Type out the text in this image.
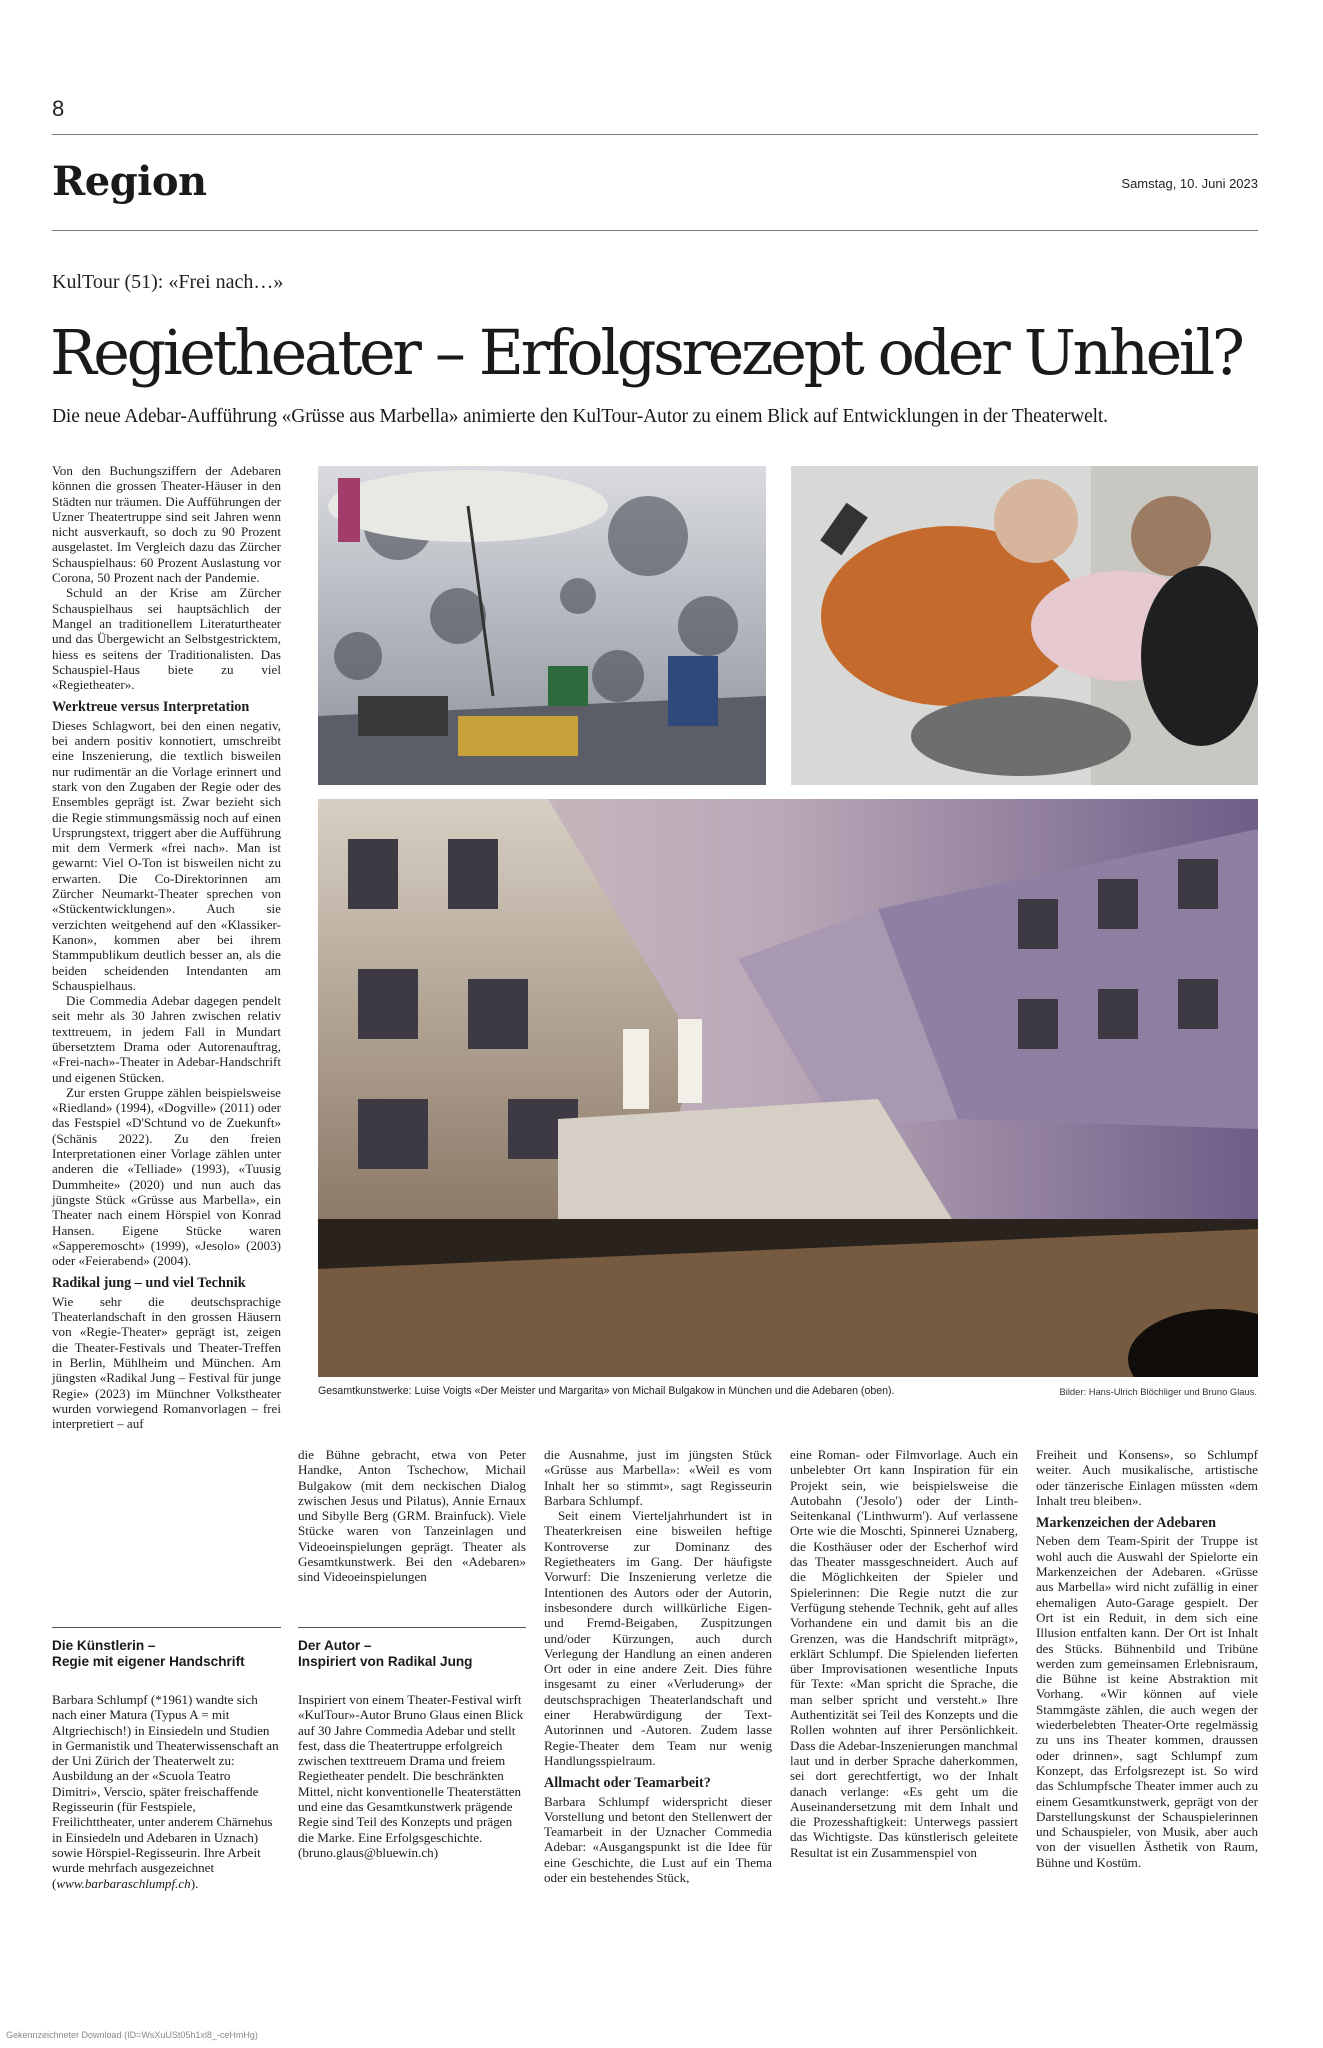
8
Region	Samstag, 10. Juni 2023
KulTour (51): «Frei nach…»
Regietheater – Erfolgsrezept oder Unheil?
Die neue Adebar-Aufführung «Grüsse aus Marbella» animierte den KulTour-Autor zu einem Blick auf Entwicklungen in der Theaterwelt.

Von den Buchungsziffern der Adebaren können die grossen Theater-Häuser in den Städten nur träumen. Die Aufführungen der Uzner Theatertruppe sind seit Jahren wenn nicht ausverkauft, so doch zu 90 Prozent ausgelastet. Im Vergleich dazu das Zürcher Schauspielhaus: 60 Prozent Auslastung vor Corona, 50 Prozent nach der Pandemie.

Schuld an der Krise am Zürcher Schauspielhaus sei hauptsächlich der Mangel an traditionellem Literaturtheater und das Übergewicht an Selbstgestricktem, hiess es seitens der Traditionalisten. Das Schauspiel-Haus biete zu viel «Regietheater».

Werktreue versus Interpretation

Dieses Schlagwort, bei den einen negativ, bei andern positiv konnotiert, umschreibt eine Inszenierung, die textlich bisweilen nur rudimentär an die Vorlage erinnert und stark von den Zugaben der Regie oder des Ensembles geprägt ist. Zwar bezieht sich die Regie stimmungsmässig noch auf einen Ursprungstext, triggert aber die Aufführung mit dem Vermerk «frei nach». Man ist gewarnt: Viel O-Ton ist bisweilen nicht zu erwarten. Die Co-Direktorinnen am Zürcher Neumarkt-Theater sprechen von «Stückentwicklungen». Auch sie verzichten weitgehend auf den «Klassiker-Kanon», kommen aber bei ihrem Stammpublikum deutlich besser an, als die beiden scheidenden Intendanten am Schauspielhaus.

Die Commedia Adebar dagegen pendelt seit mehr als 30 Jahren zwischen relativ texttreuem, in jedem Fall in Mundart übersetztem Drama oder Autorenauftrag, «Frei-nach»-Theater in Adebar-Handschrift und eigenen Stücken.

Zur ersten Gruppe zählen beispielsweise «Riedland» (1994), «Dogville» (2011) oder das Festspiel «D'Schtund vo de Zuekunft» (Schänis 2022). Zu den freien Interpretationen einer Vorlage zählen unter anderen die «Telliade» (1993), «Tuusig Dummheite» (2020) und nun auch das jüngste Stück «Grüsse aus Marbella», ein Theater nach einem Hörspiel von Konrad Hansen. Eigene Stücke waren «Sapperemoscht» (1999), «Jesolo» (2003) oder «Feierabend» (2004).

Radikal jung – und viel Technik

Wie sehr die deutschsprachige Theaterlandschaft in den grossen Häusern von «Regie-Theater» geprägt ist, zeigen die Theater-Festivals und Theater-Treffen in Berlin, Mühlheim und München. Am jüngsten «Radikal Jung – Festival für junge Regie» (2023) im Münchner Volkstheater wurden vorwiegend Romanvorlagen – frei interpretiert – auf

Gesamtkunstwerke: Luise Voigts «Der Meister und Margarita» von Michail Bulgakow in München und die Adebaren (oben).	Bilder: Hans-Ulrich Blöchliger und Bruno Glaus.

die Bühne gebracht, etwa von Peter Handke, Anton Tschechow, Michail Bulgakow (mit dem neckischen Dialog zwischen Jesus und Pilatus), Annie Ernaux und Sibylle Berg (GRM. Brainfuck). Viele Stücke waren von Tanzeinlagen und Videoeinspielungen geprägt. Theater als Gesamtkunstwerk. Bei den «Adebaren» sind Videoeinspielungen

die Ausnahme, just im jüngsten Stück «Grüsse aus Marbella»: «Weil es vom Inhalt her so stimmt», sagt Regisseurin Barbara Schlumpf.

Seit einem Vierteljahrhundert ist in Theaterkreisen eine bisweilen heftige Kontroverse zur Dominanz des Regietheaters im Gang. Der häufigste Vorwurf: Die Inszenierung verletze die Intentionen des Autors oder der Autorin, insbesondere durch willkürliche Eigen- und Fremd-Beigaben, Zuspitzungen und/oder Kürzungen, auch durch Verlegung der Handlung an einen anderen Ort oder in eine andere Zeit. Dies führe insgesamt zu einer «Verluderung» der deutschsprachigen Theaterlandschaft und einer Herabwürdigung der Text-Autorinnen und -Autoren. Zudem lasse Regie-Theater dem Team nur wenig Handlungsspielraum.

Allmacht oder Teamarbeit?

Barbara Schlumpf widerspricht dieser Vorstellung und betont den Stellenwert der Teamarbeit in der Uznacher Commedia Adebar: «Ausgangspunkt ist die Idee für eine Geschichte, die Lust auf ein Thema oder ein bestehendes Stück,

eine Roman- oder Filmvorlage. Auch ein unbelebter Ort kann Inspiration für ein Projekt sein, wie beispielsweise die Autobahn ('Jesolo') oder der Linth-Seitenkanal ('Linthwurm'). Auf verlassene Orte wie die Moschti, Spinnerei Uznaberg, die Kosthäuser oder der Escherhof wird das Theater massgeschneidert. Auch auf die Möglichkeiten der Spieler und Spielerinnen: Die Regie nutzt die zur Verfügung stehende Technik, geht auf alles Vorhandene ein und damit bis an die Grenzen, was die Handschrift mitprägt», erklärt Schlumpf. Die Spielenden lieferten über Improvisationen wesentliche Inputs für Texte: «Man spricht die Sprache, die man selber spricht und versteht.» Ihre Authentizität sei Teil des Konzepts und die Rollen wohnten auf ihrer Persönlichkeit. Dass die Adebar-Inszenierungen manchmal laut und in derber Sprache daherkommen, sei dort gerechtfertigt, wo der Inhalt danach verlange: «Es geht um die Auseinandersetzung mit dem Inhalt und die Prozesshaftigkeit: Unterwegs passiert das Wichtigste. Das künstlerisch geleitete Resultat ist ein Zusammenspiel von

Freiheit und Konsens», so Schlumpf weiter. Auch musikalische, artistische oder tänzerische Einlagen müssten «dem Inhalt treu bleiben».

Markenzeichen der Adebaren

Neben dem Team-Spirit der Truppe ist wohl auch die Auswahl der Spielorte ein Markenzeichen der Adebaren. «Grüsse aus Marbella» wird nicht zufällig in einer ehemaligen Auto-Garage gespielt. Der Ort ist ein Reduit, in dem sich eine Illusion entfalten kann. Der Ort ist Inhalt des Stücks. Bühnenbild und Tribüne werden zum gemeinsamen Erlebnisraum, die Bühne ist keine Abstraktion mit Vorhang. «Wir können auf viele Stammgäste zählen, die auch wegen der wiederbelebten Theater-Orte regelmässig zu uns ins Theater kommen, draussen oder drinnen», sagt Schlumpf zum Konzept, das Erfolgsrezept ist. So wird das Schlumpfsche Theater immer auch zu einem Gesamtkunstwerk, geprägt von der Darstellungskunst der Schauspielerinnen und Schauspieler, von Musik, aber auch von der visuellen Ästhetik von Raum, Bühne und Kostüm.

Die Künstlerin –
Regie mit eigener Handschrift
Barbara Schlumpf (*1961) wandte sich nach einer Matura (Typus A = mit Altgriechisch!) in Einsiedeln und Studien in Germanistik und Theaterwissenschaft an der Uni Zürich der Theaterwelt zu: Ausbildung an der «Scuola Teatro Dimitri», Verscio, später freischaffende Regisseurin (für Festspiele, Freilichttheater, unter anderem Chärnehus in Einsiedeln und Adebaren in Uznach) sowie Hörspiel-Regisseurin. Ihre Arbeit wurde mehrfach ausgezeichnet (www.barbaraschlumpf.ch).
Der Autor –
Inspiriert von Radikal Jung
Inspiriert von einem Theater-Festival wirft «KulTour»-Autor Bruno Glaus einen Blick auf 30 Jahre Commedia Adebar und stellt fest, dass die Theatertruppe erfolgreich zwischen texttreuem Drama und freiem Regietheater pendelt. Die beschränkten Mittel, nicht konventionelle Theaterstätten und eine das Gesamtkunstwerk prägende Regie sind Teil des Konzepts und prägen die Marke. Eine Erfolgsgeschichte. (bruno.glaus@bluewin.ch)
Gekennzeichneter Download (ID=WsXuUSt05h1xl8_-ceHmHg)
